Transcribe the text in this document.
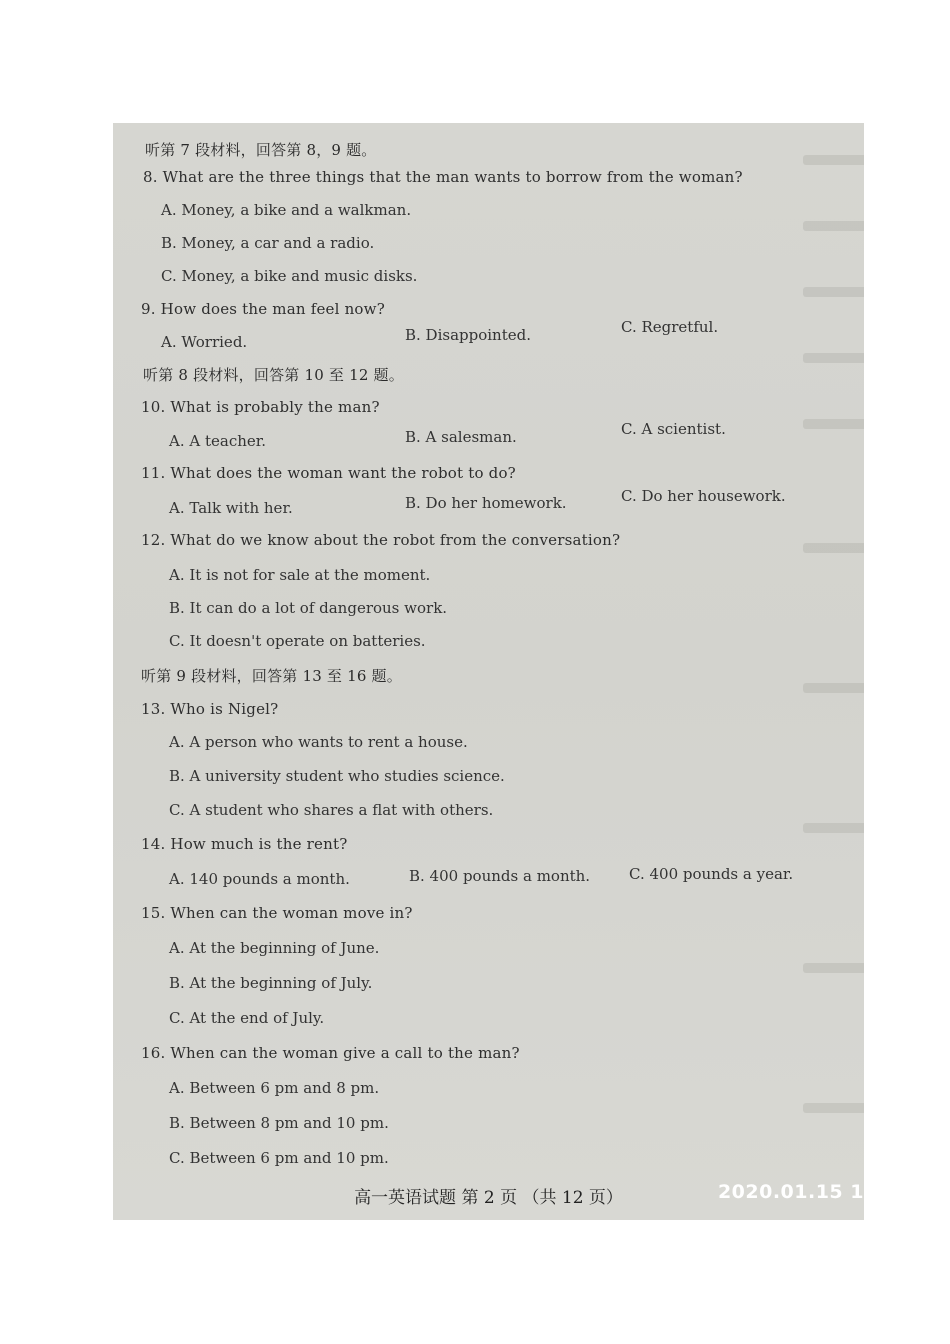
听第 7 段材料，回答第 8，9 题。
8. What are the three things that the man wants to borrow from the woman?
A. Money, a bike and a walkman.
B. Money, a car and a radio.
C. Money, a bike and music disks.
9. How does the man feel now?
A. Worried.	B. Disappointed.	C. Regretful.
听第 8 段材料，回答第 10 至 12 题。
10. What is probably the man?
A. A teacher.	B. A salesman.	C. A scientist.
11. What does the woman want the robot to do?
A. Talk with her.	B. Do her homework.	C. Do her housework.
12. What do we know about the robot from the conversation?
A. It is not for sale at the moment.
B. It can do a lot of dangerous work.
C. It doesn't operate on batteries.
听第 9 段材料，回答第 13 至 16 题。
13. Who is Nigel?
A. A person who wants to rent a house.
B. A university student who studies science.
C. A student who shares a flat with others.
14. How much is the rent?
A. 140 pounds a month.	B. 400 pounds a month.	C. 400 pounds a year.
15. When can the woman move in?
A. At the beginning of June.
B. At the beginning of July.
C. At the end of July.
16. When can the woman give a call to the man?
A. Between 6 pm and 8 pm.
B. Between 8 pm and 10 pm.
C. Between 6 pm and 10 pm.
高一英语试题 第 2 页 （共 12 页）	2020.01.15 1
